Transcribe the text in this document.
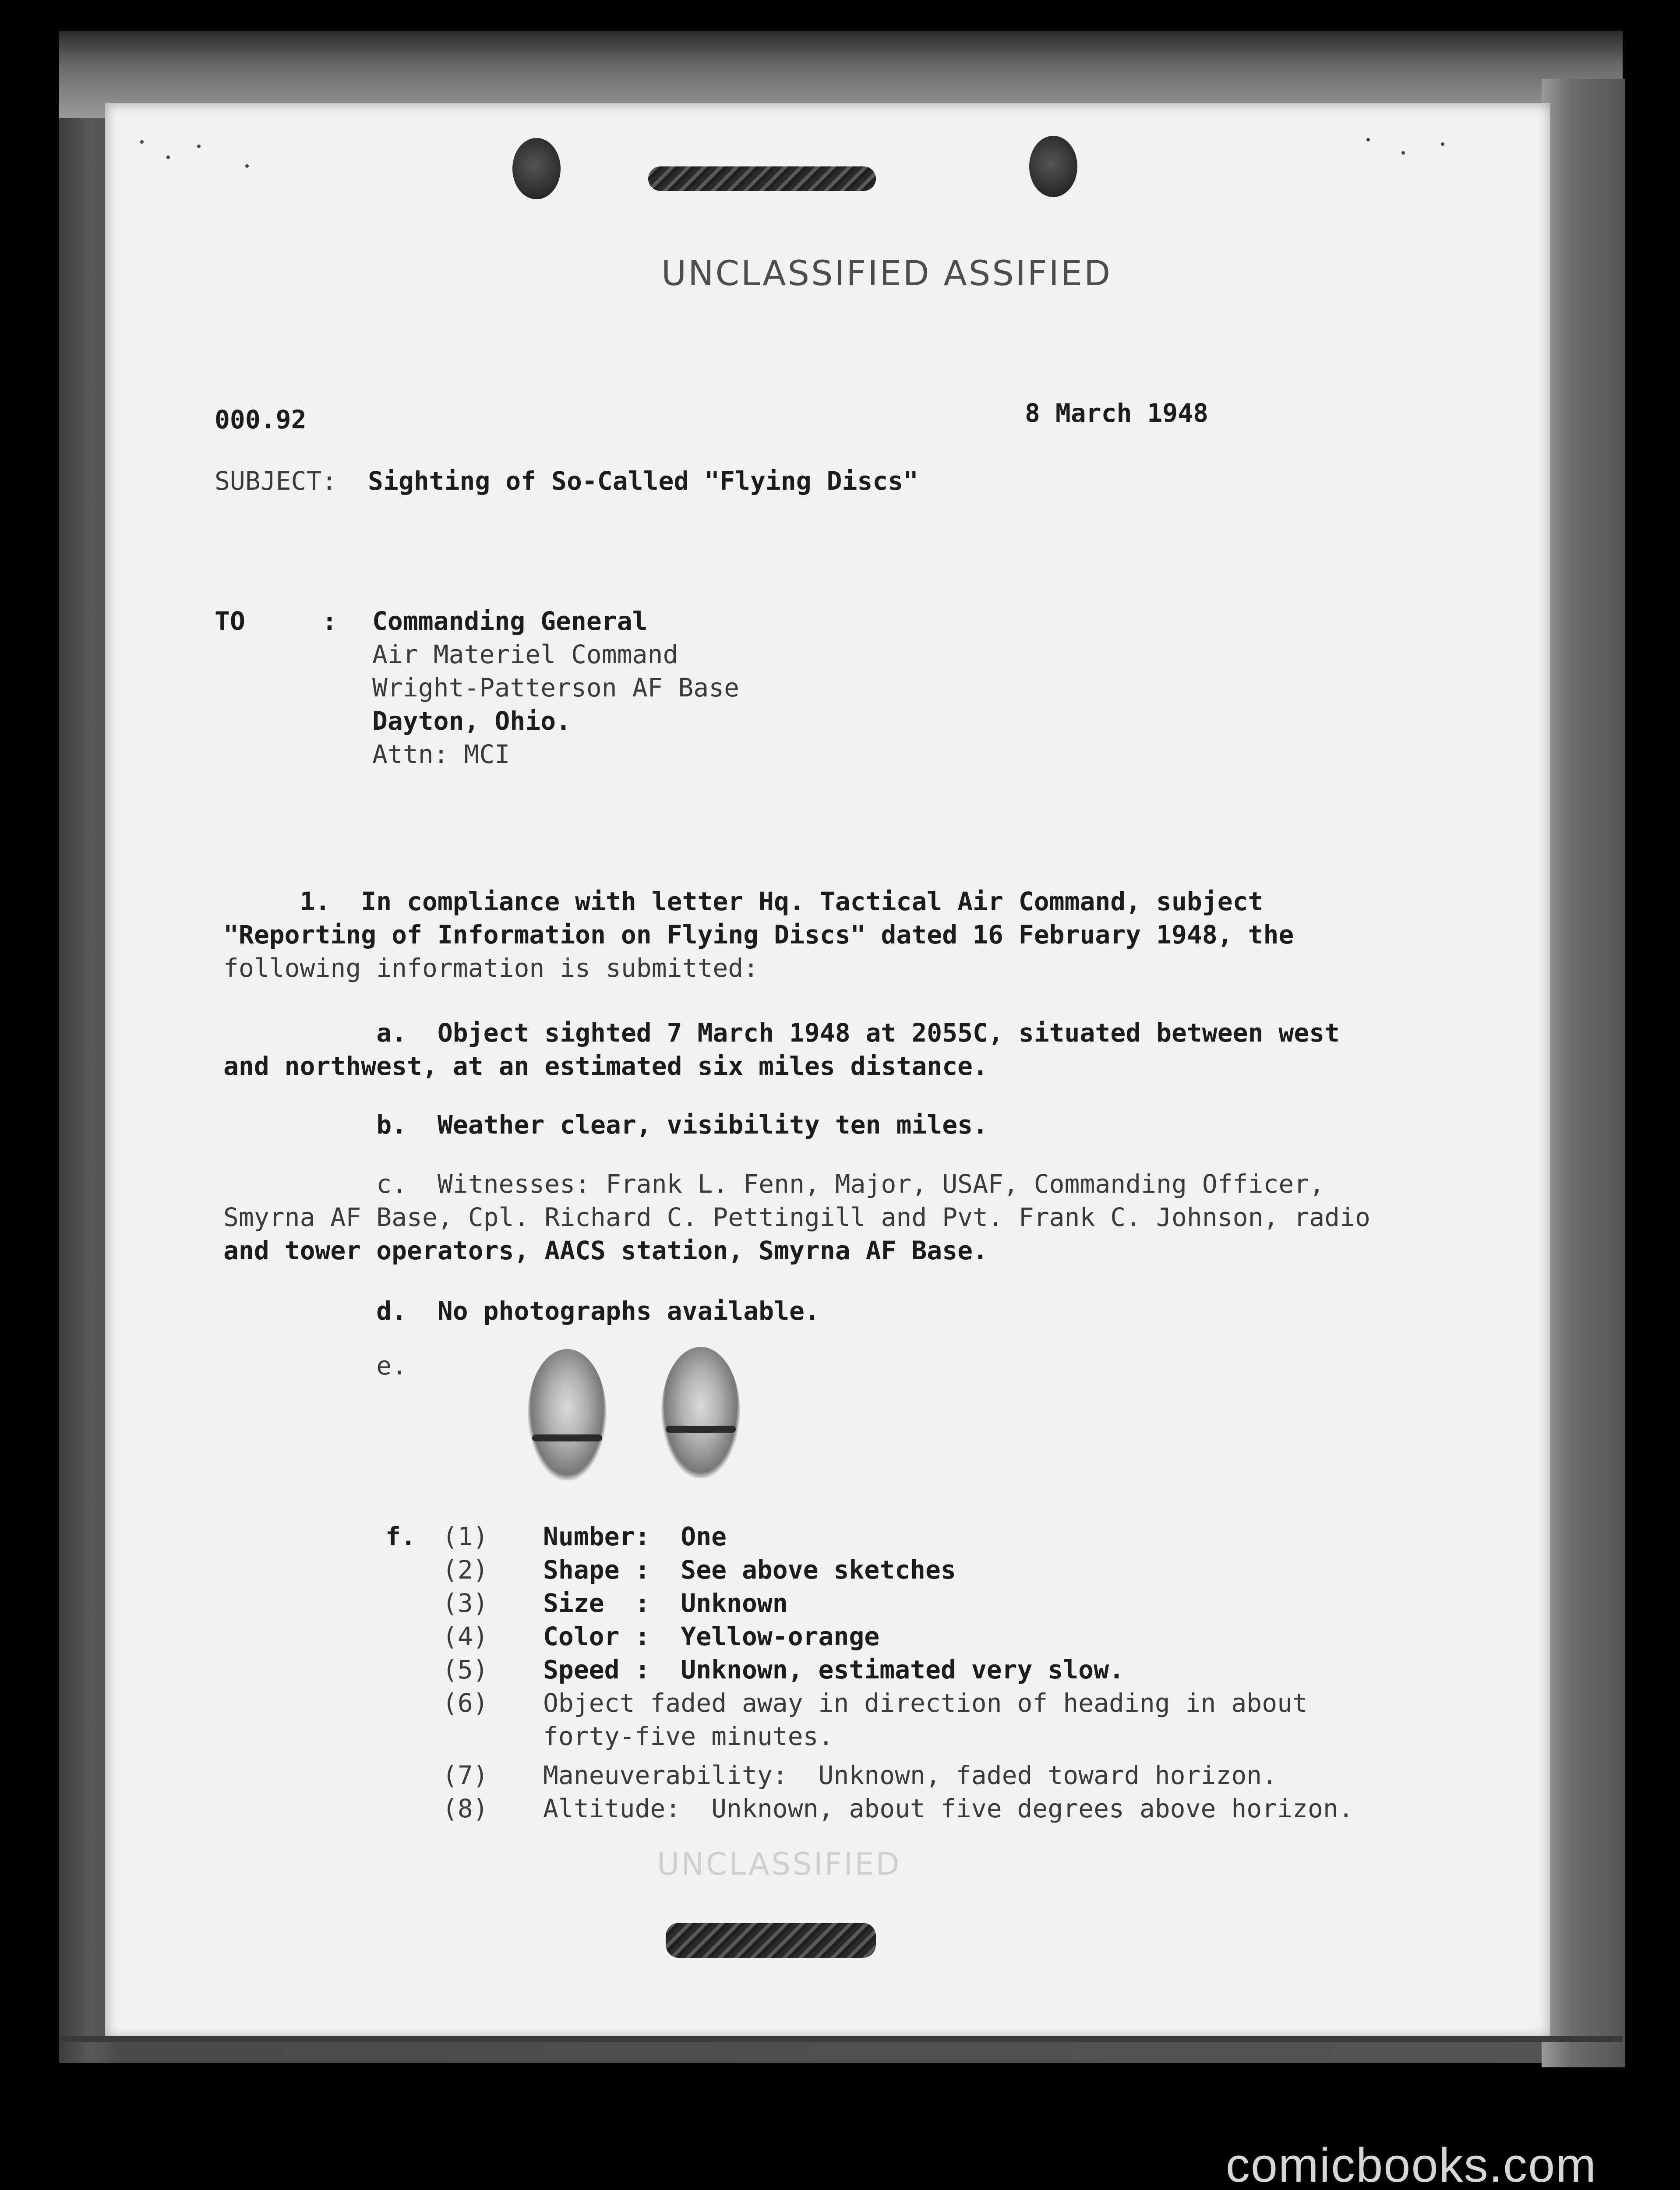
UNCLASSIFIED ASSIFIED
000.92	8 March 1948
SUBJECT: Sighting of So-Called "Flying Discs"
TO	: Commanding General
Air Materiel Command
Wright-Patterson AF Base
Dayton, Ohio.
Attn: MCI
1.  In compliance with letter Hq. Tactical Air Command, subject
"Reporting of Information on Flying Discs" dated 16 February 1948, the
following information is submitted:
a.  Object sighted 7 March 1948 at 2055C, situated between west
and northwest, at an estimated six miles distance.
b.  Weather clear, visibility ten miles.
c.  Witnesses: Frank L. Fenn, Major, USAF, Commanding Officer,
Smyrna AF Base, Cpl. Richard C. Pettingill and Pvt. Frank C. Johnson, radio
and tower operators, AACS station, Smyrna AF Base.
d.  No photographs available.
e.
f. (1) Number:  One
(2) Shape :  See above sketches
(3) Size  :  Unknown
(4) Color :  Yellow-orange
(5) Speed :  Unknown, estimated very slow.
(6) Object faded away in direction of heading in about
forty-five minutes.
(7) Maneuverability:  Unknown, faded toward horizon.
(8) Altitude:  Unknown, about five degrees above horizon.
UNCLASSIFIED
comicbooks.com
